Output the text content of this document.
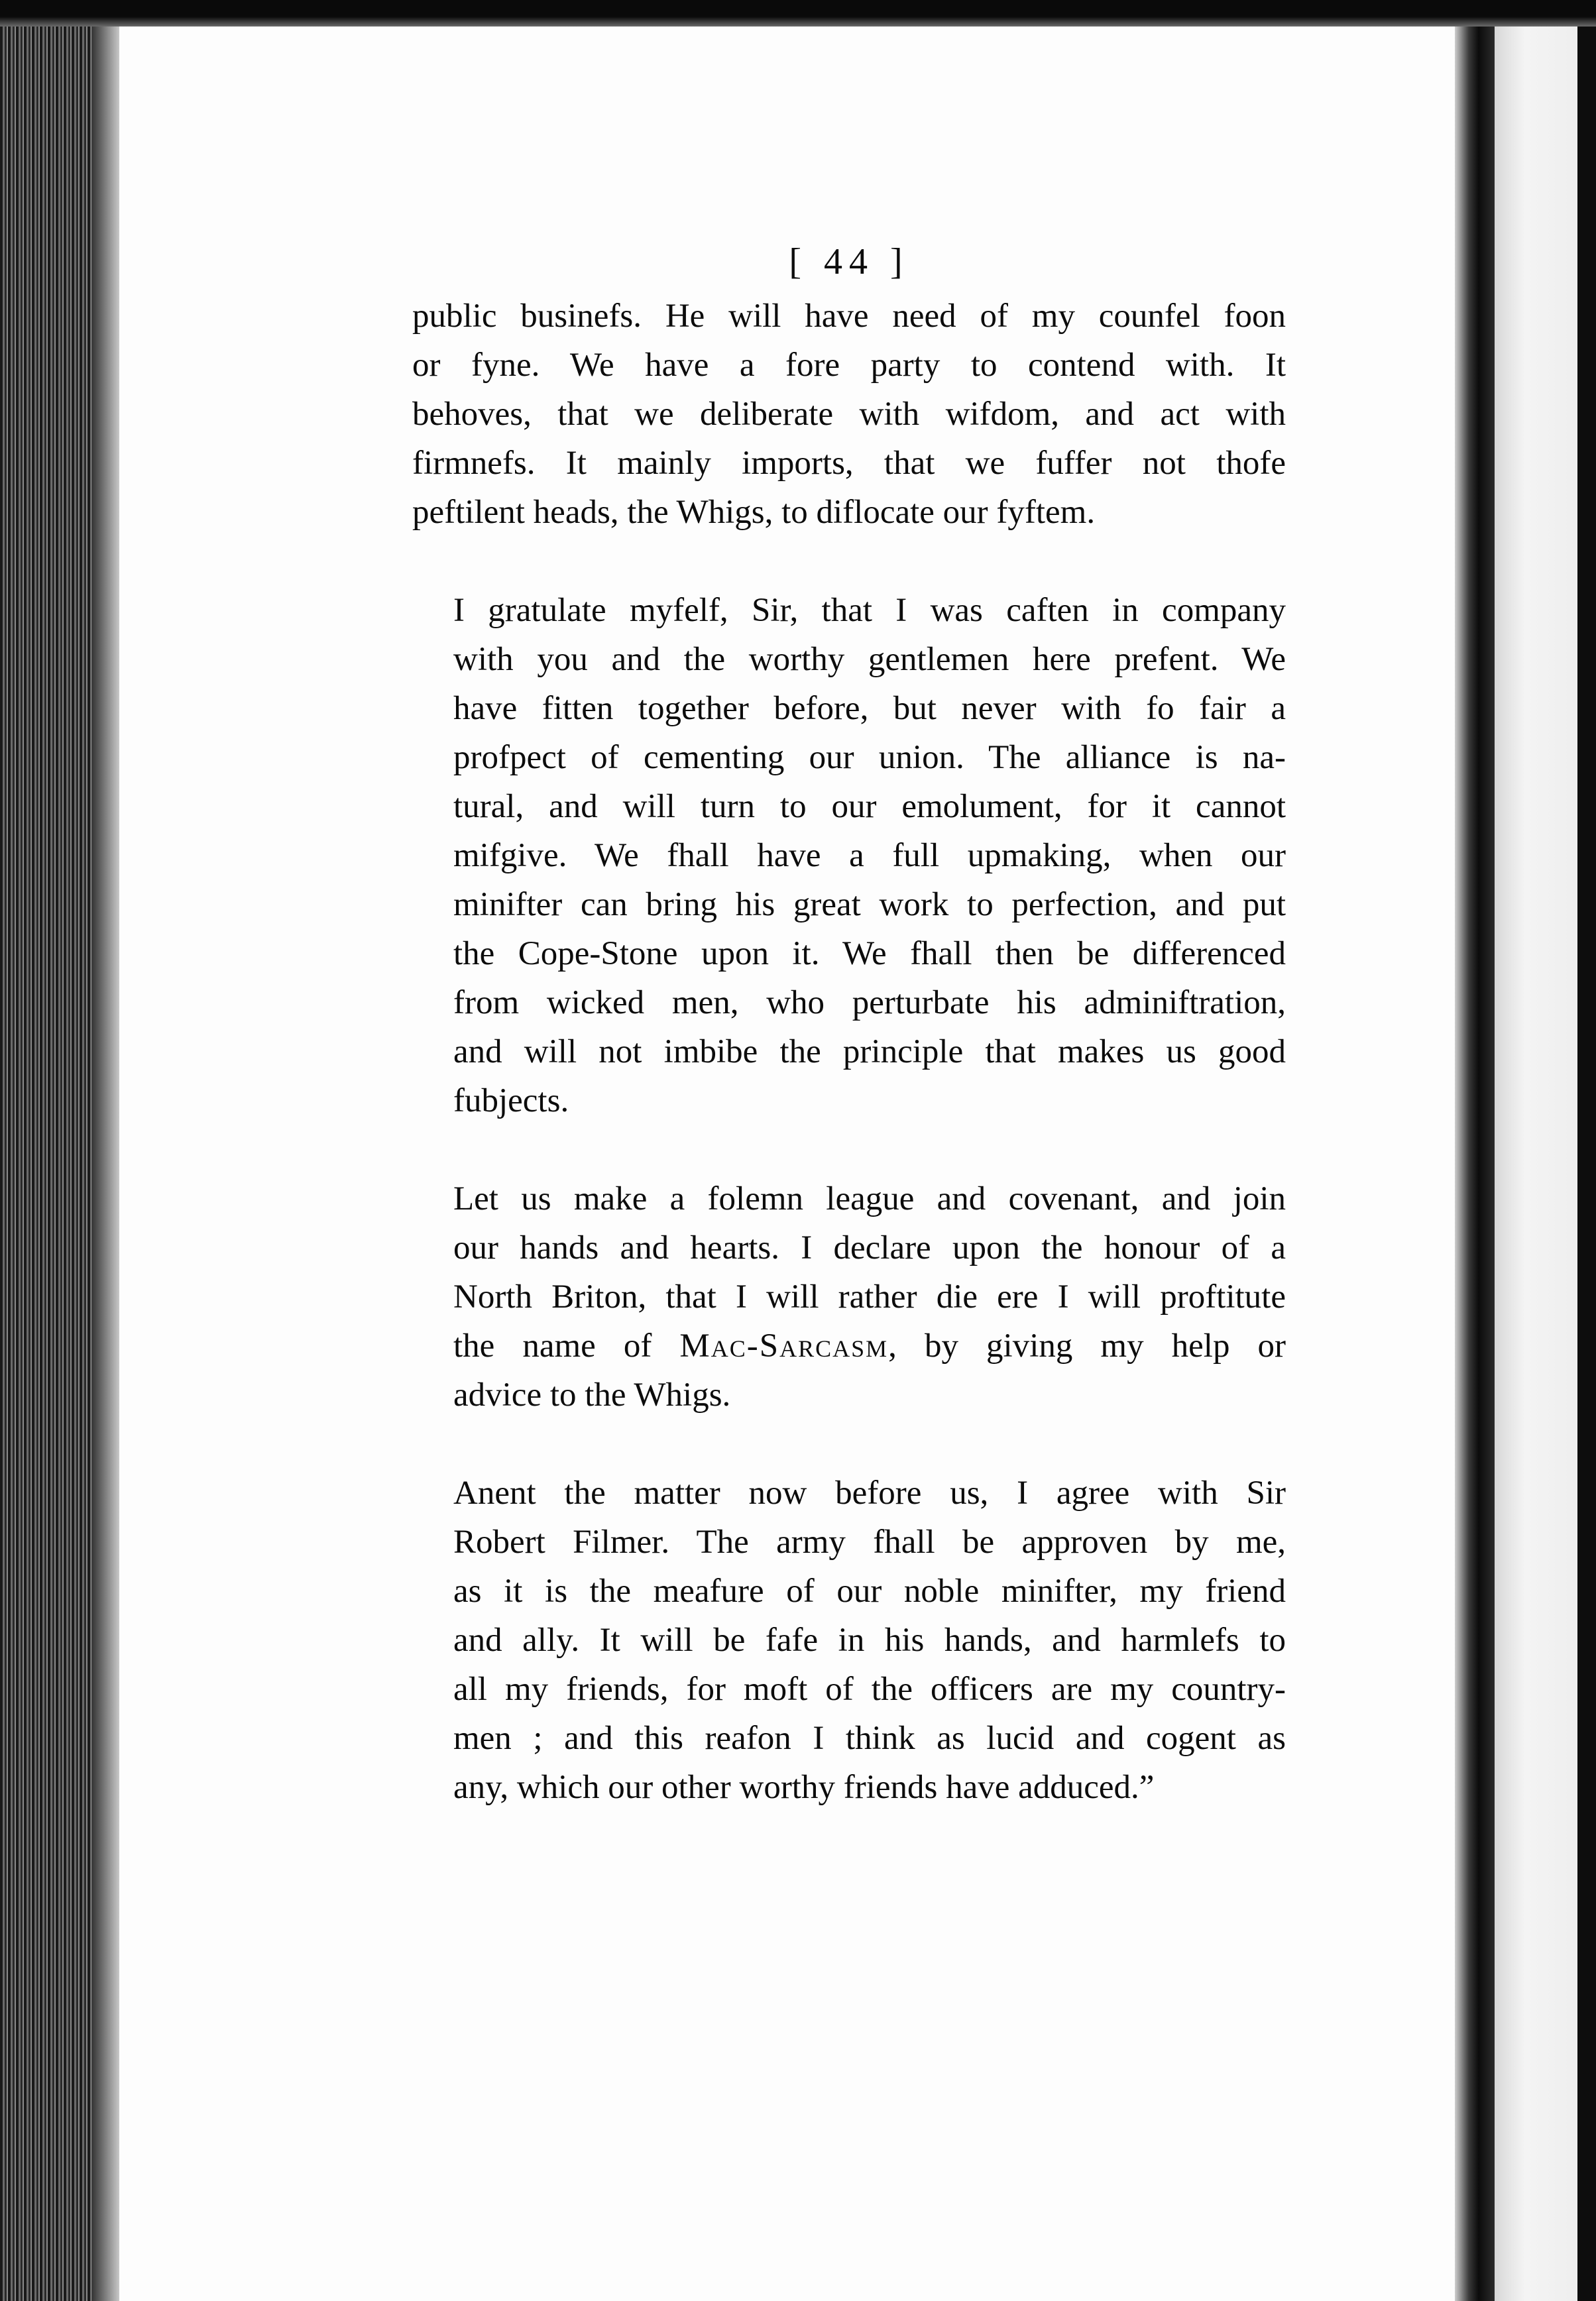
[ 44 ]
public businefs. He will have need of my counfel foon
or fyne. We have a fore party to contend with. It
behoves, that we deliberate with wifdom, and act with
firmnefs. It mainly imports, that we fuffer not thofe
peftilent heads, the Whigs, to diflocate our fyftem.
I gratulate myfelf, Sir, that I was caften in company
with you and the worthy gentlemen here prefent. We
have fitten together before, but never with fo fair a
profpect of cementing our union. The alliance is na-
tural, and will turn to our emolument, for it cannot
mifgive. We fhall have a full upmaking, when our
minifter can bring his great work to perfection, and put
the Cope-Stone upon it. We fhall then be differenced
from wicked men, who perturbate his adminiftration,
and will not imbibe the principle that makes us good
fubjects.
Let us make a folemn league and covenant, and join
our hands and hearts. I declare upon the honour of a
North Briton, that I will rather die ere I will proftitute
the name of Mac-Sarcasm, by giving my help or
advice to the Whigs.
Anent the matter now before us, I agree with Sir
Robert Filmer. The army fhall be approven by me,
as it is the meafure of our noble minifter, my friend
and ally. It will be fafe in his hands, and harmlefs to
all my friends, for moft of the officers are my country-
men ; and this reafon I think as lucid and cogent as
any, which our other worthy friends have adduced.”
